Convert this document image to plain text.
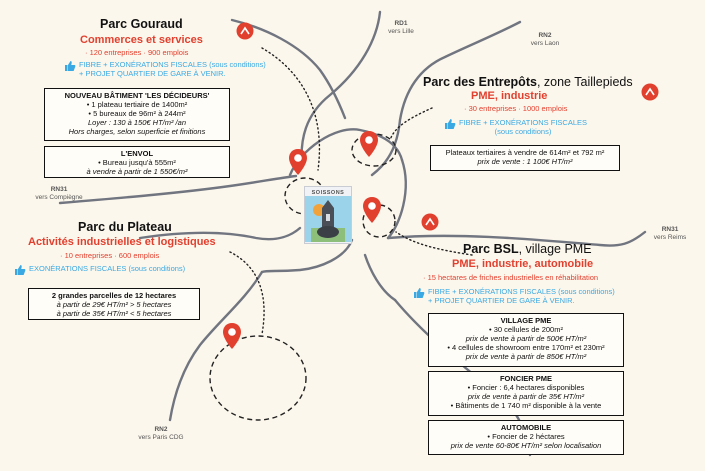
RD1
vers Lille
RN2
vers Laon
RN31
vers Compiègne
RN31
vers Reims
RN2
vers Paris CDG
SOISSONS
Parc Gouraud
Commerces et services
· 120 entreprises · 900 emplois
FIBRE + EXONÉRATIONS FISCALES (sous conditions)
+ PROJET QUARTIER DE GARE À VENIR.
NOUVEAU BÂTIMENT 'LES DÉCIDEURS'
• 1 plateau tertiaire de 1400m²
• 5 bureaux de 96m² à 244m²
Loyer : 130 à 150€ HT/m² /an
Hors charges, selon superficie et finitions
L'ENVOL
• Bureau jusqu'à 555m²
à vendre à partir de 1 550€/m²
Parc des Entrepôts, zone Taillepieds
PME, industrie
· 30 entreprises · 1000 emplois
FIBRE + EXONÉRATIONS FISCALES
(sous conditions)
Plateaux tertiaires à vendre de 614m² et 792 m²
prix de vente : 1 100€ HT/m²
Parc du Plateau
Activités industrielles et logistiques
· 10 entreprises · 600 emplois
EXONÉRATIONS FISCALES (sous conditions)
2 grandes parcelles de 12 hectares
à partir de 29€ HT/m² > 5 hectares
à partir de 35€ HT/m² < 5 hectares
Parc BSL, village PME
PME, industrie, automobile
· 15 hectares de friches industrielles en réhabilitation
FIBRE + EXONÉRATIONS FISCALES (sous conditions)
+ PROJET QUARTIER DE GARE À VENIR.
VILLAGE PME
• 30 cellules de 200m²
prix de vente à partir de 500€ HT/m²
• 4 cellules de showroom entre 170m² et 230m²
prix de vente à partir de 850€ HT/m²
FONCIER PME
• Foncier : 6,4 hectares disponibles
prix de vente à partir de 35€ HT/m²
• Bâtiments de 1 740 m² disponible à la vente
AUTOMOBILE
• Foncier de 2 héctares
prix de vente 60-80€ HT/m² selon localisation
